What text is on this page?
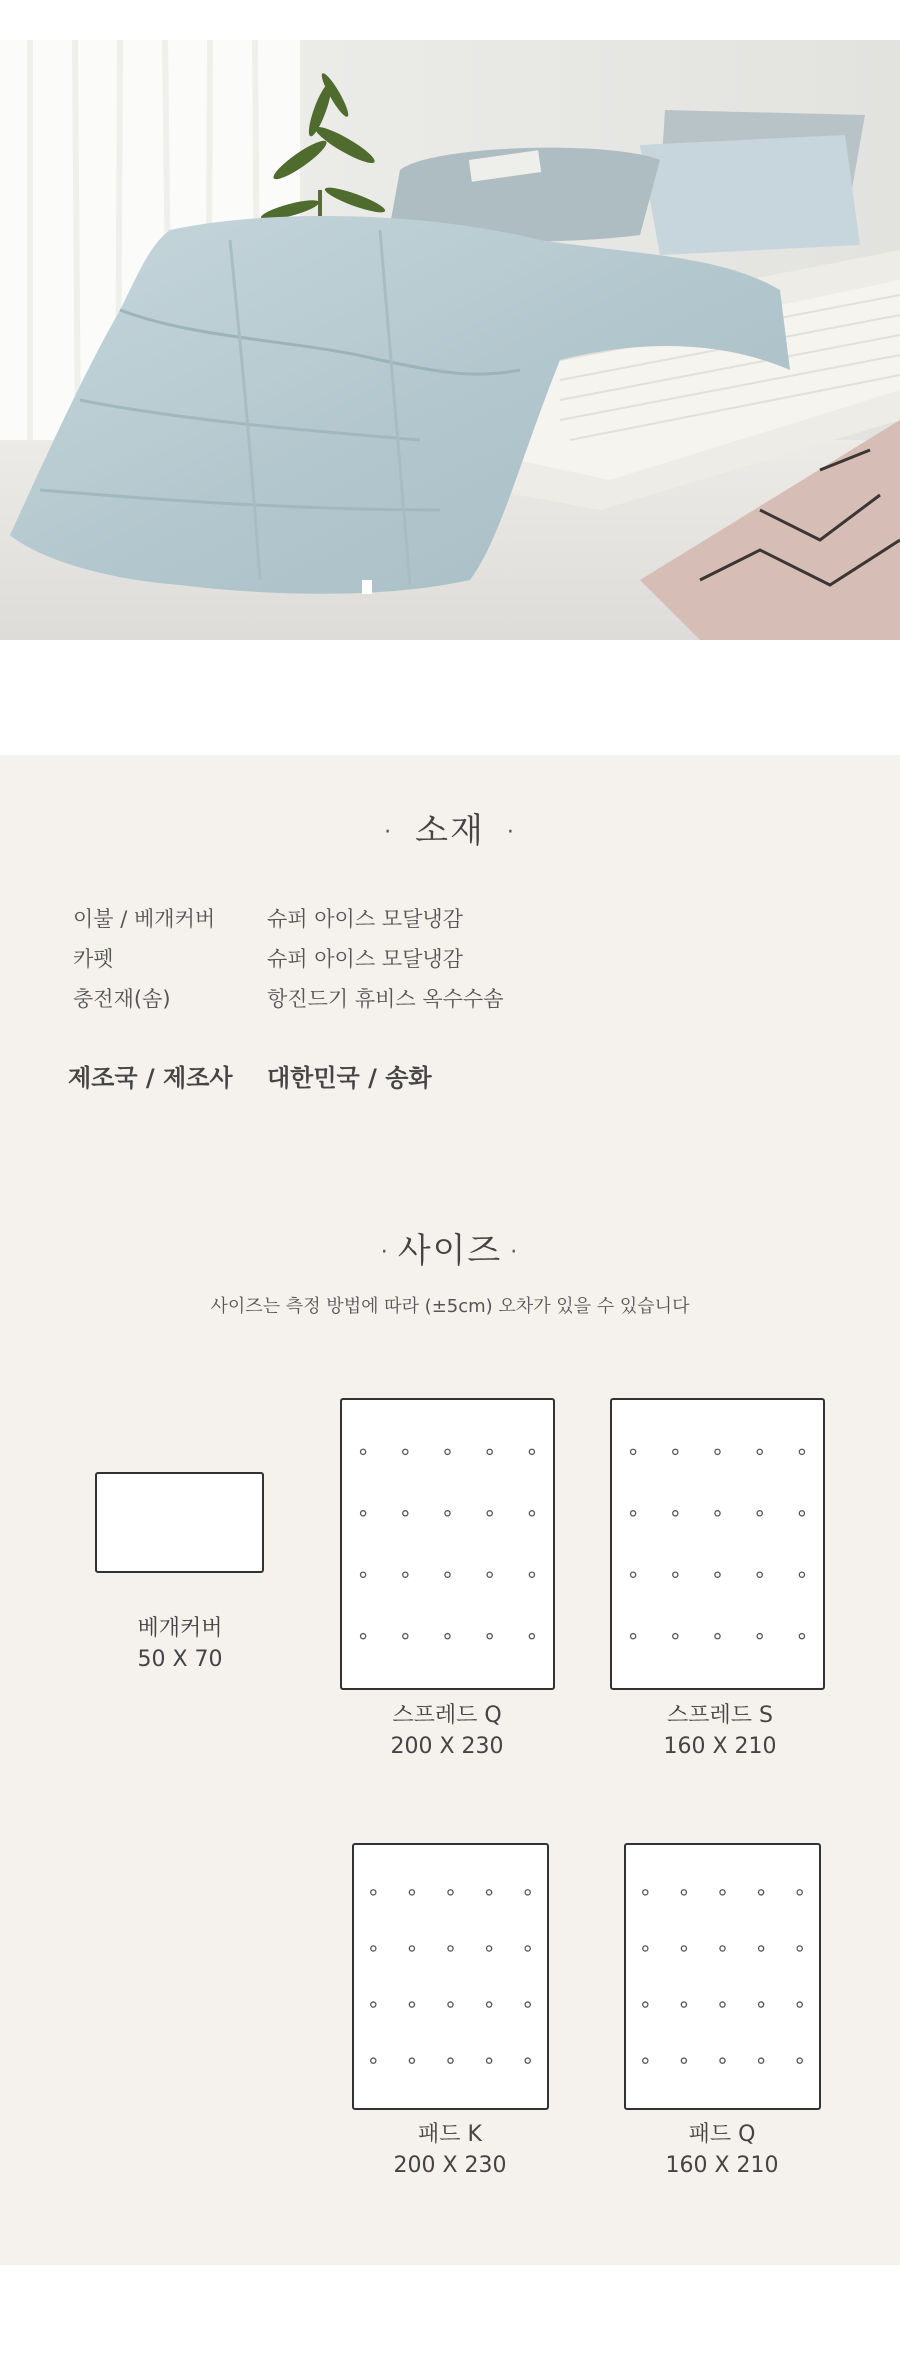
· 소재 ·
이불 / 베개커버 슈퍼 아이스 모달냉감
카펫	슈퍼 아이스 모달냉감
충전재(솜)	항진드기 휴비스 옥수수솜
제조국 / 제조사 대한민국 / 송화
· 사이즈 ·
사이즈는 측정 방법에 따라 (±5cm) 오차가 있을 수 있습니다
베개커버
50 X 70
스프레드 Q
200 X 230
스프레드 S
160 X 210
패드 K
200 X 230
패드 Q
160 X 210
